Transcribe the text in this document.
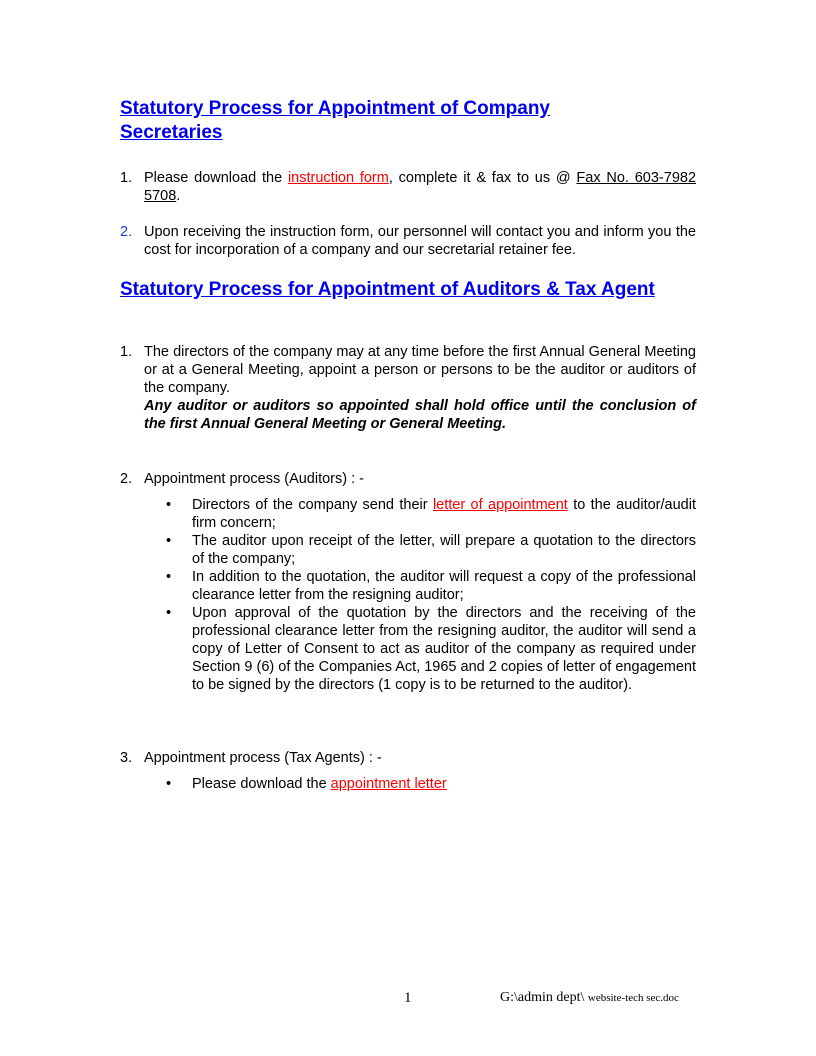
Statutory Process for Appointment of Company
Secretaries
1. Please download the instruction form, complete it & fax to us @ Fax No. 603-7982 5708.

2. Upon receiving the instruction form, our personnel will contact you and inform you the cost for incorporation of a company and our secretarial retainer fee.

Statutory Process for Appointment of Auditors & Tax Agent
1. The directors of the company may at any time before the first Annual General Meeting or at a General Meeting, appoint a person or persons to be the auditor or auditors of the company.

Any auditor or auditors so appointed shall hold office until the conclusion of the first Annual General Meeting or General Meeting.

2. Appointment process (Auditors) : -
• Directors of the company send their letter of appointment to the auditor/audit firm concern;
• The auditor upon receipt of the letter, will prepare a quotation to the directors of the company;
• In addition to the quotation, the auditor will request a copy of the professional clearance letter from the resigning auditor;
• Upon approval of the quotation by the directors and the receiving of the professional clearance letter from the resigning auditor, the auditor will send a copy of Letter of Consent to act as auditor of the company as required under Section 9 (6) of the Companies Act, 1965 and 2 copies of letter of engagement to be signed by the directors (1 copy is to be returned to the auditor).
3. Appointment process (Tax Agents) : -
• Please download the appointment letter
1	G:\admin dept\ website-tech sec.doc
